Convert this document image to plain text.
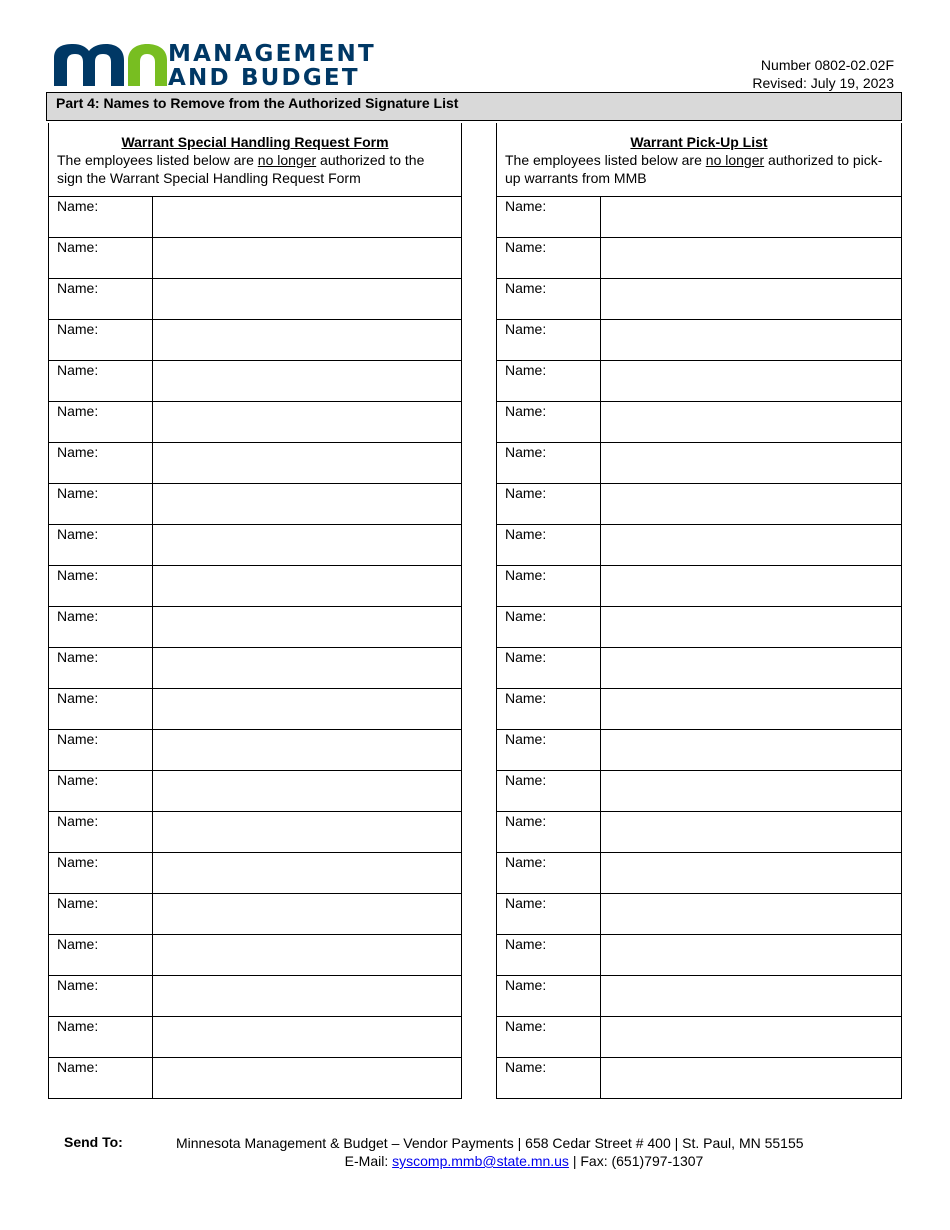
MANAGEMENT
AND BUDGET	Number 0802-02.02F
Revised: July 19, 2023
Part 4: Names to Remove from the Authorized Signature List
Warrant Special Handling Request Form
The employees listed below are no longer authorized to the sign the Warrant Special Handling Request Form
Name:
Name:
Name:
Name:
Name:
Name:
Name:
Name:
Name:
Name:
Name:
Name:
Name:
Name:
Name:
Name:
Name:
Name:
Name:
Name:
Name:
Name:
Warrant Pick-Up List
The employees listed below are no longer authorized to pick-up warrants from MMB
Name:
Name:
Name:
Name:
Name:
Name:
Name:
Name:
Name:
Name:
Name:
Name:
Name:
Name:
Name:
Name:
Name:
Name:
Name:
Name:
Name:
Name:
Send To:	Minnesota Management & Budget – Vendor Payments | 658 Cedar Street # 400 | St. Paul, MN 55155
E-Mail: syscomp.mmb@state.mn.us | Fax: (651)797-1307
